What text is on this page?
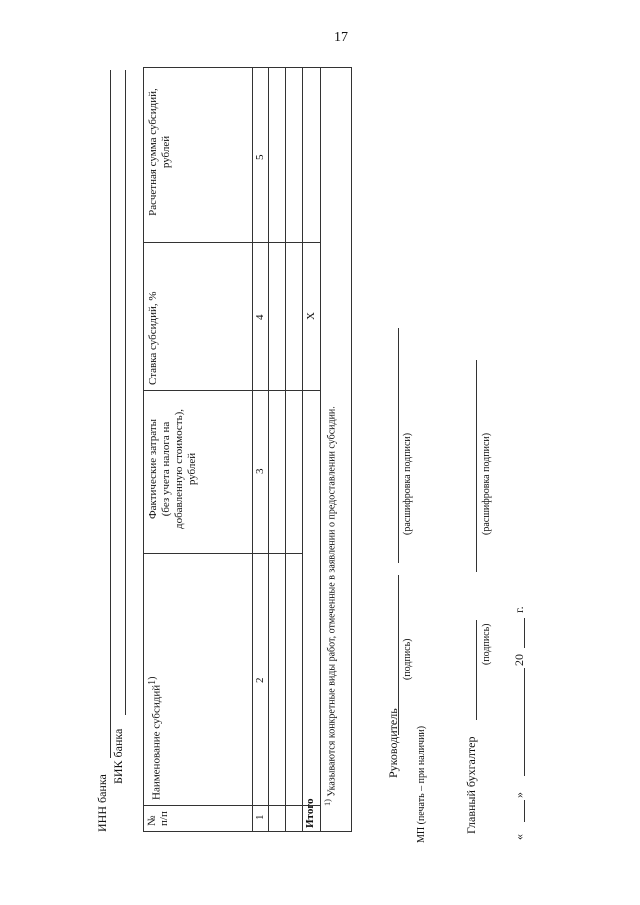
17
ИНН банка
БИК банка
№ п/п
Наименование субсидий$^{1)}$
Фактические затраты (без учета налога на добавленную стоимость), рублей
Ставка субсидий, %
Расчетная сумма субсидий, рублей
1
2
3
4
5
Итого
Х
$^{1)}$ Указываются конкретные виды работ, отмеченные в заявлении о предоставлении субсидии.	Руководитель
(подпись)
(расшифровка подписи)
МП (печать – при наличии)	Главный бухгалтер
(подпись)
(расшифровка подписи)
«
»
20
г.
